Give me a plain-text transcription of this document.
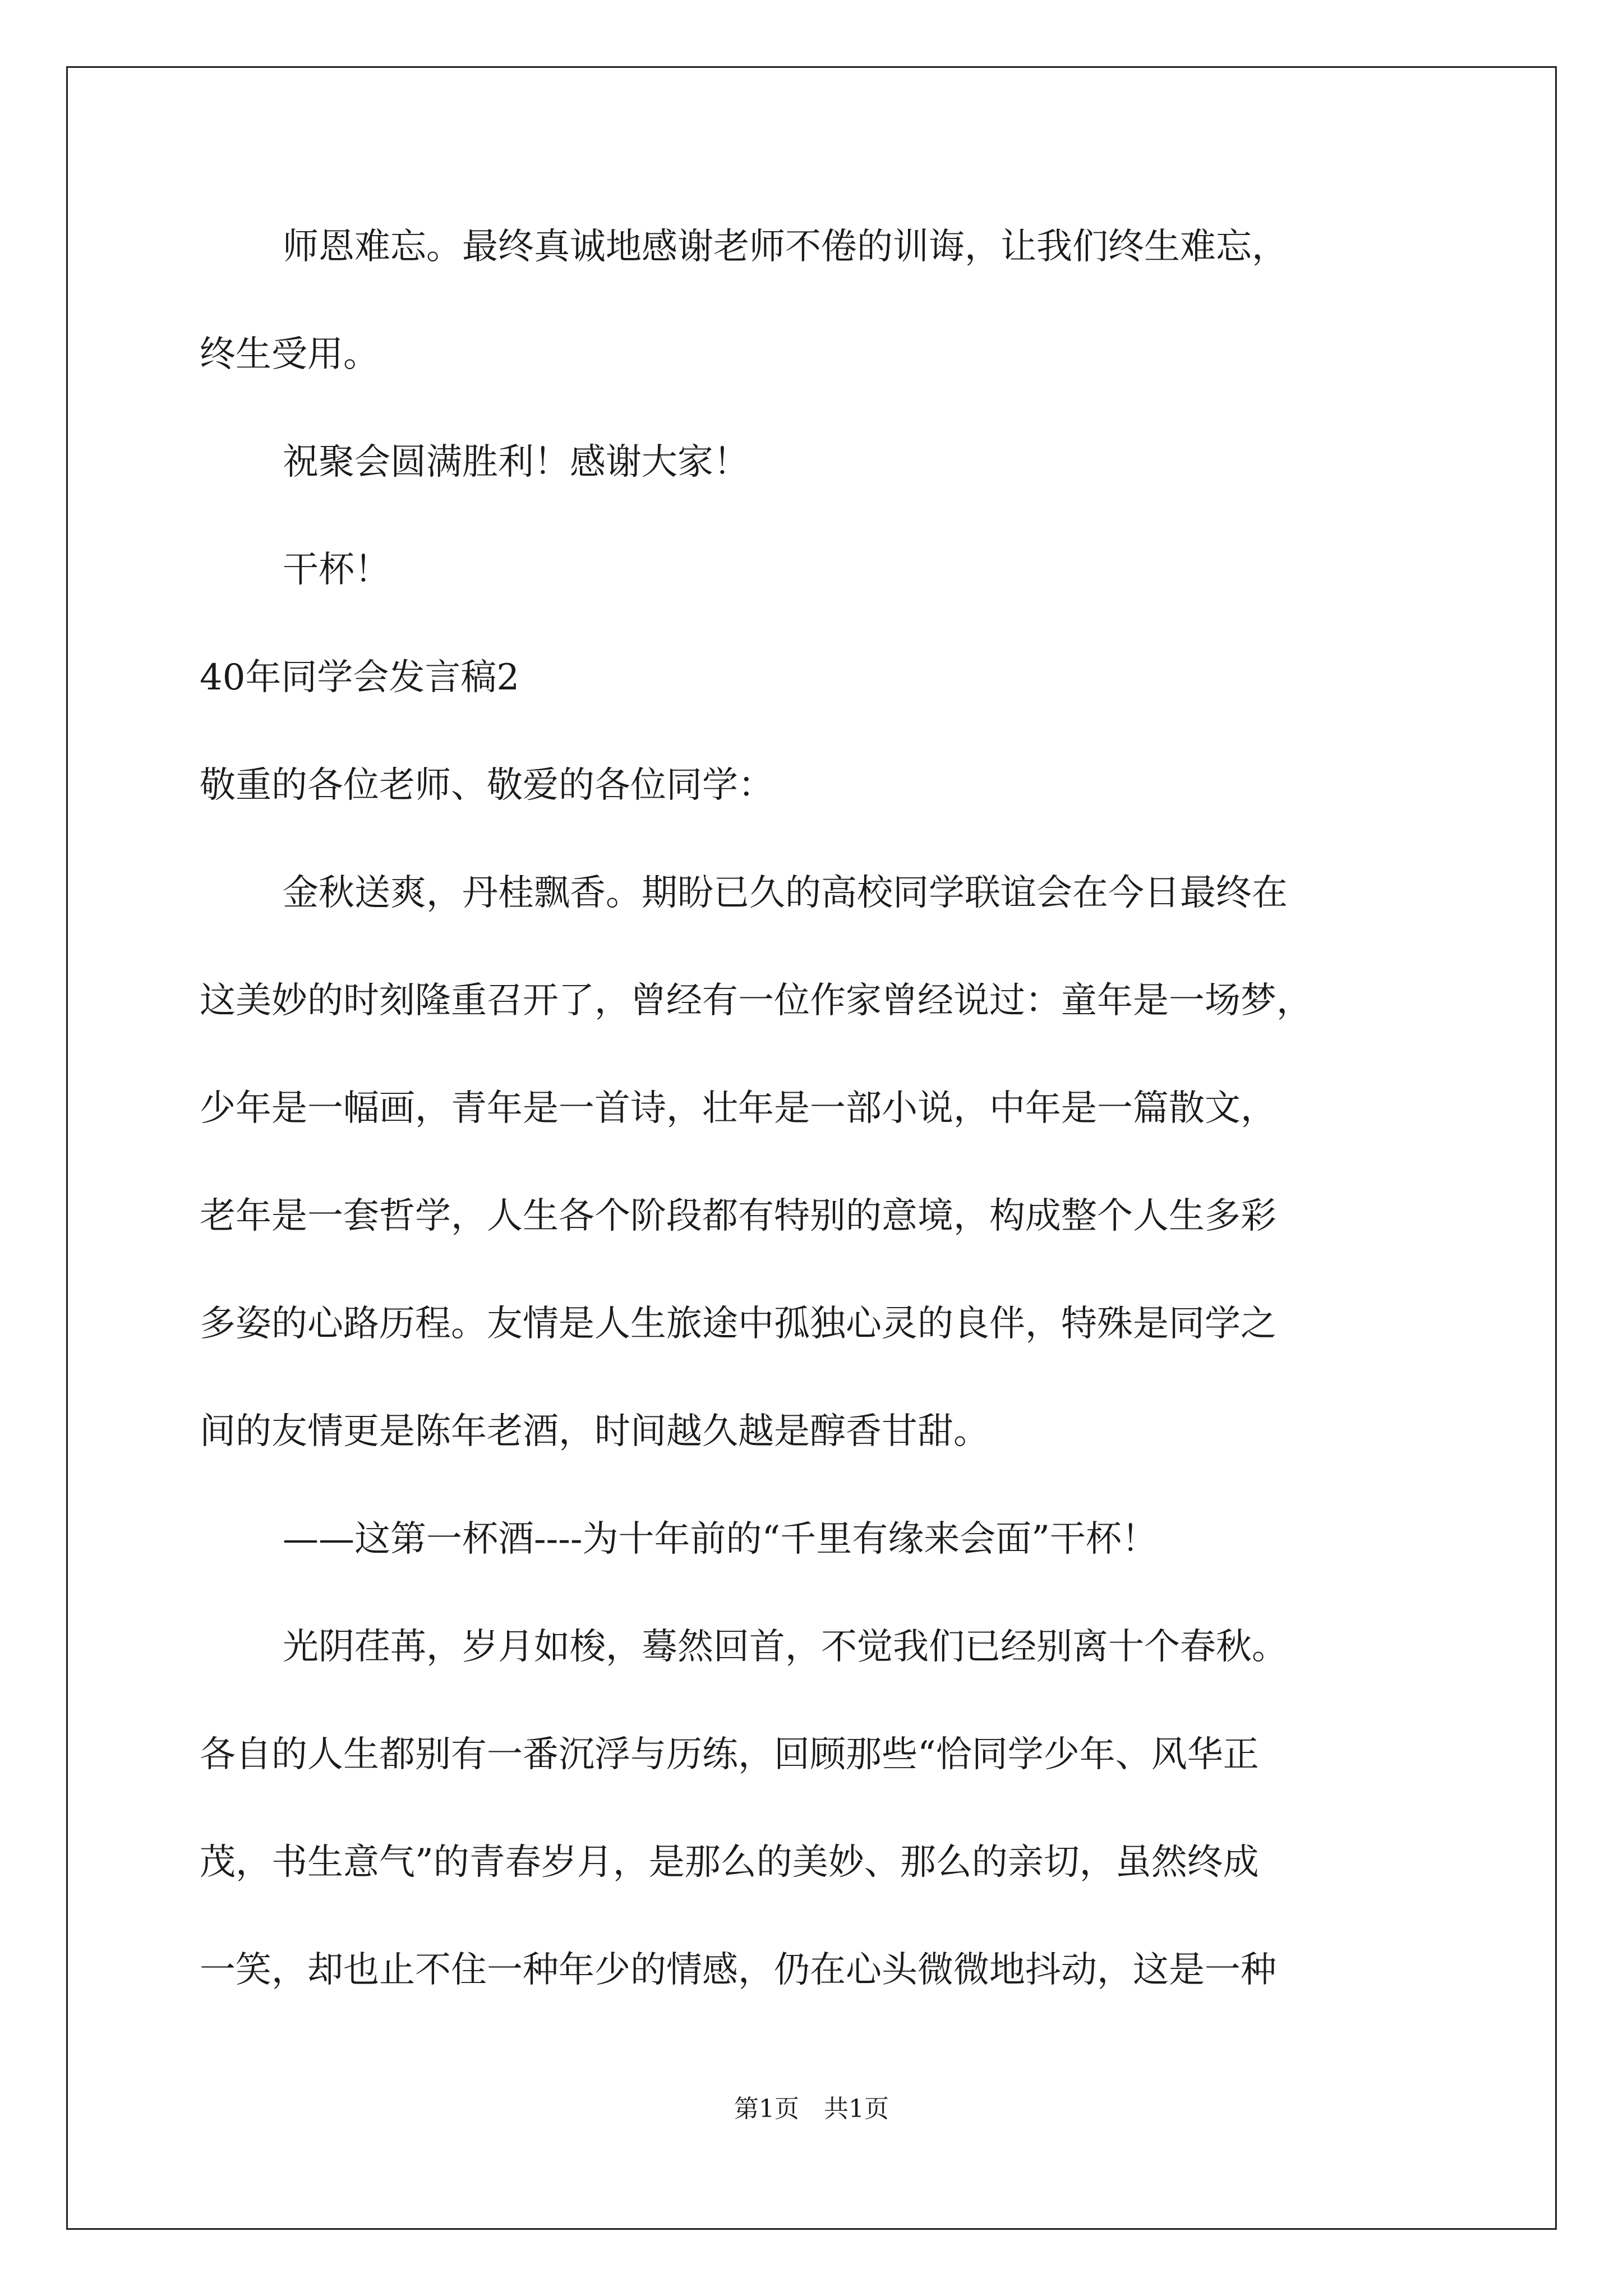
师恩难忘。最终真诚地感谢老师不倦的训诲，让我们终生难忘，
终生受用。
祝聚会圆满胜利！感谢大家！
干杯！
40年同学会发言稿2
敬重的各位老师、敬爱的各位同学：
金秋送爽，丹桂飘香。期盼已久的高校同学联谊会在今日最终在
这美妙的时刻隆重召开了，曾经有一位作家曾经说过：童年是一场梦，
少年是一幅画，青年是一首诗，壮年是一部小说，中年是一篇散文，
老年是一套哲学，人生各个阶段都有特别的意境，构成整个人生多彩
多姿的心路历程。友情是人生旅途中孤独心灵的良伴，特殊是同学之
间的友情更是陈年老酒，时间越久越是醇香甘甜。
——这第一杯酒----为十年前的“千里有缘来会面”干杯！
光阴荏苒，岁月如梭，蓦然回首，不觉我们已经别离十个春秋。
各自的人生都别有一番沉浮与历练，回顾那些“恰同学少年、风华正
茂，书生意气”的青春岁月，是那么的美妙、那么的亲切，虽然终成
一笑，却也止不住一种年少的情感，仍在心头微微地抖动，这是一种
第1页　共1页
